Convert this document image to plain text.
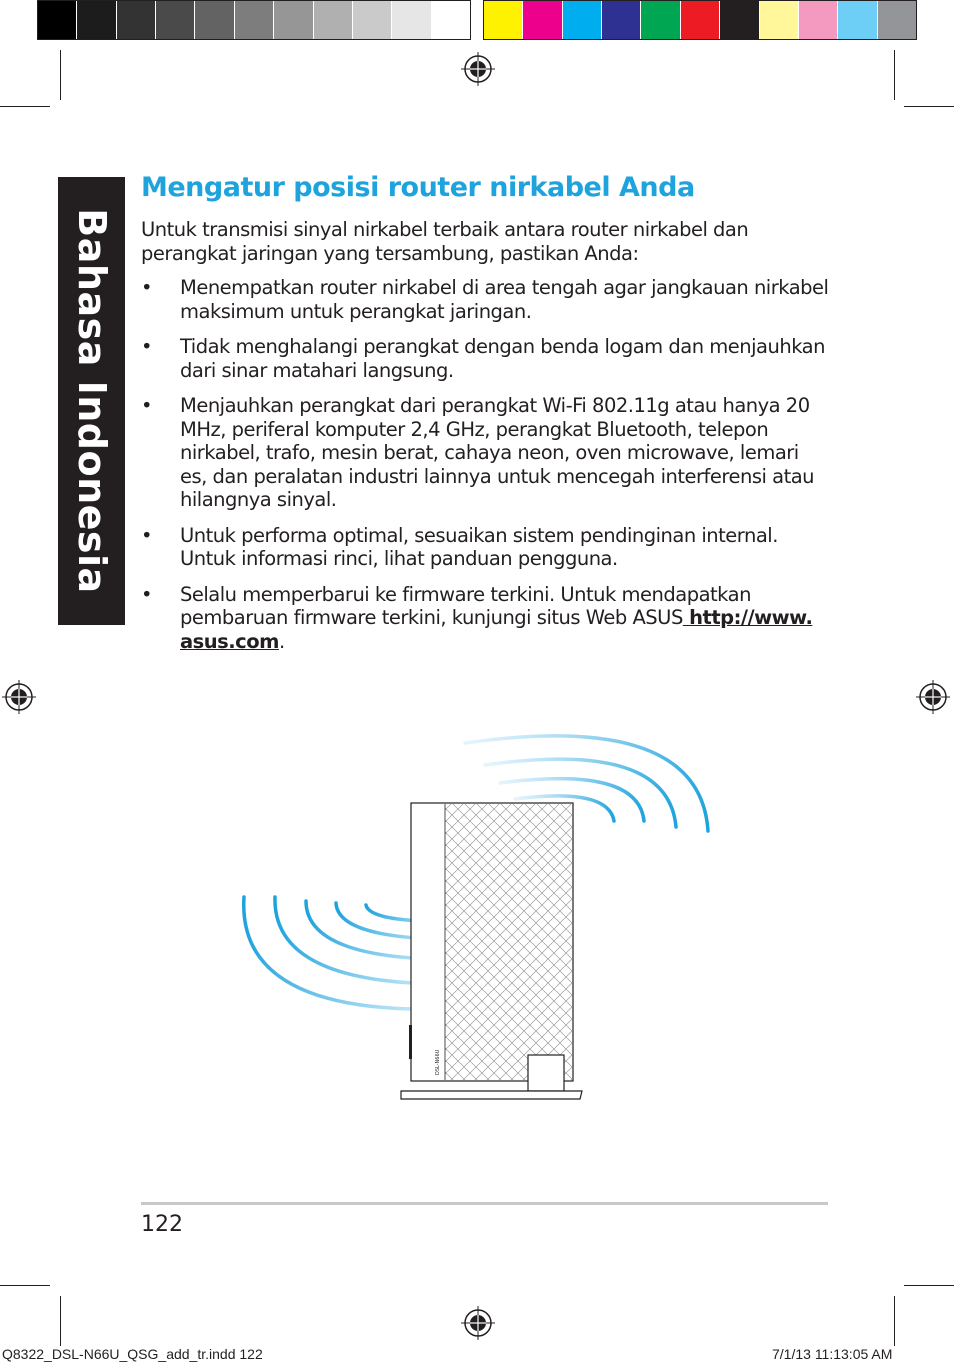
Bahasa Indonesia
Mengatur posisi router nirkabel Anda

Untuk transmisi sinyal nirkabel terbaik antara router nirkabel dan perangkat jaringan yang tersambung, pastikan Anda:

• Menempatkan router nirkabel di area tengah agar jangkauan nirkabel maksimum untuk perangkat jaringan.
• Tidak menghalangi perangkat dengan benda logam dan menjauhkan dari sinar matahari langsung.
• Menjauhkan perangkat dari perangkat Wi-Fi 802.11g atau hanya 20 MHz, periferal komputer 2,4 GHz, perangkat Bluetooth, telepon nirkabel, trafo, mesin berat, cahaya neon, oven microwave, lemari es, dan peralatan industri lainnya untuk mencegah interferensi atau hilangnya sinyal.
• Untuk performa optimal, sesuaikan sistem pendinginan internal. Untuk informasi rinci, lihat panduan pengguna.
• Selalu memperbarui ke firmware terkini. Untuk mendapatkan pembaruan firmware terkini, kunjungi situs Web ASUS http://www. asus.com.
DSL-N66U
122
Q8322_DSL-N66U_QSG_add_tr.indd 122	7/1/13 11:13:05 AM
